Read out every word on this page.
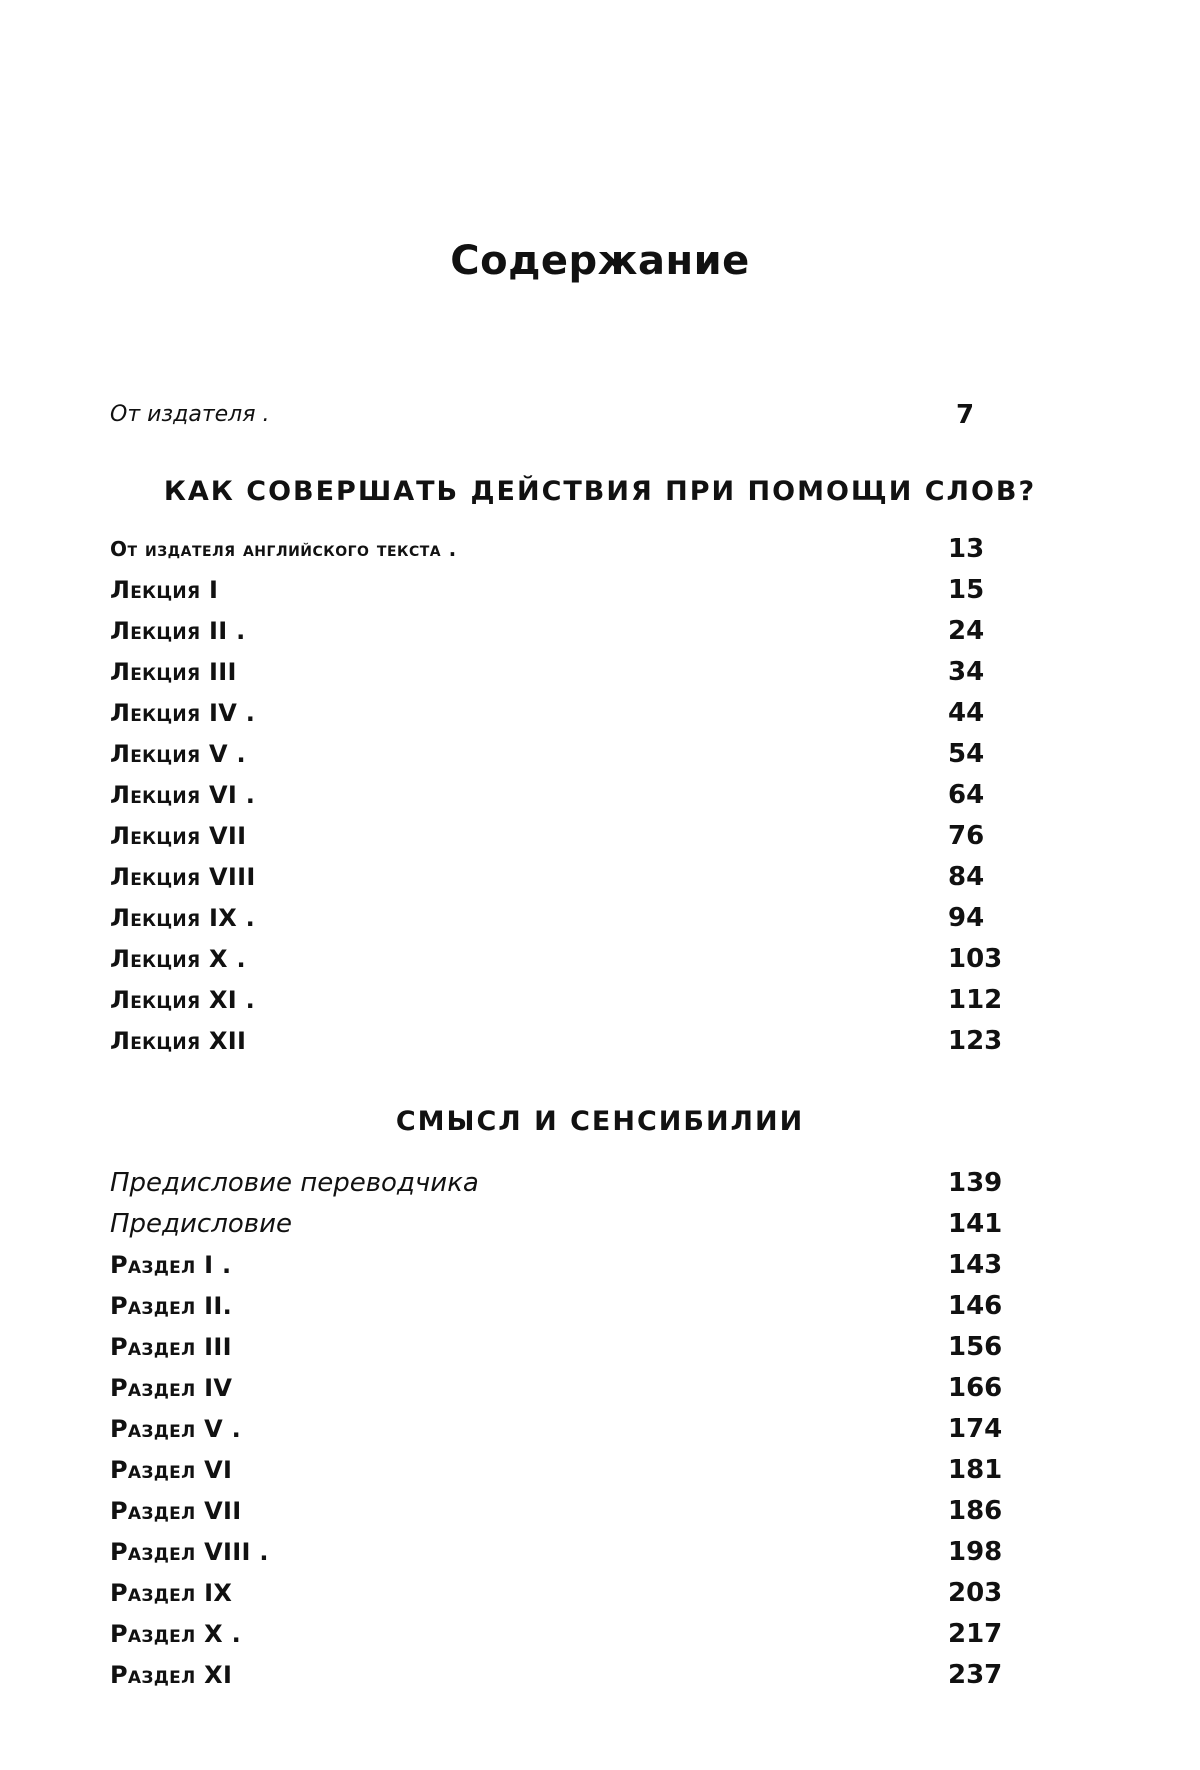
Содержание
От издателя .	7
КАК СОВЕРШАТЬ ДЕЙСТВИЯ ПРИ ПОМОЩИ СЛОВ?
От издателя английского текста .	13
Лекция I	15
Лекция II .	24
Лекция III	34
Лекция IV .	44
Лекция V .	54
Лекция VI .	64
Лекция VII	76
Лекция VIII	84
Лекция IX .	94
Лекция X .	103
Лекция XI .	112
Лекция XII	123
СМЫСЛ И СЕНСИБИЛИИ
Предисловие переводчика	139
Предисловие	141
Раздел I .	143
Раздел II.	146
Раздел III	156
Раздел IV	166
Раздел V .	174
Раздел VI	181
Раздел VII	186
Раздел VIII .	198
Раздел IX	203
Раздел X .	217
Раздел XI	237
